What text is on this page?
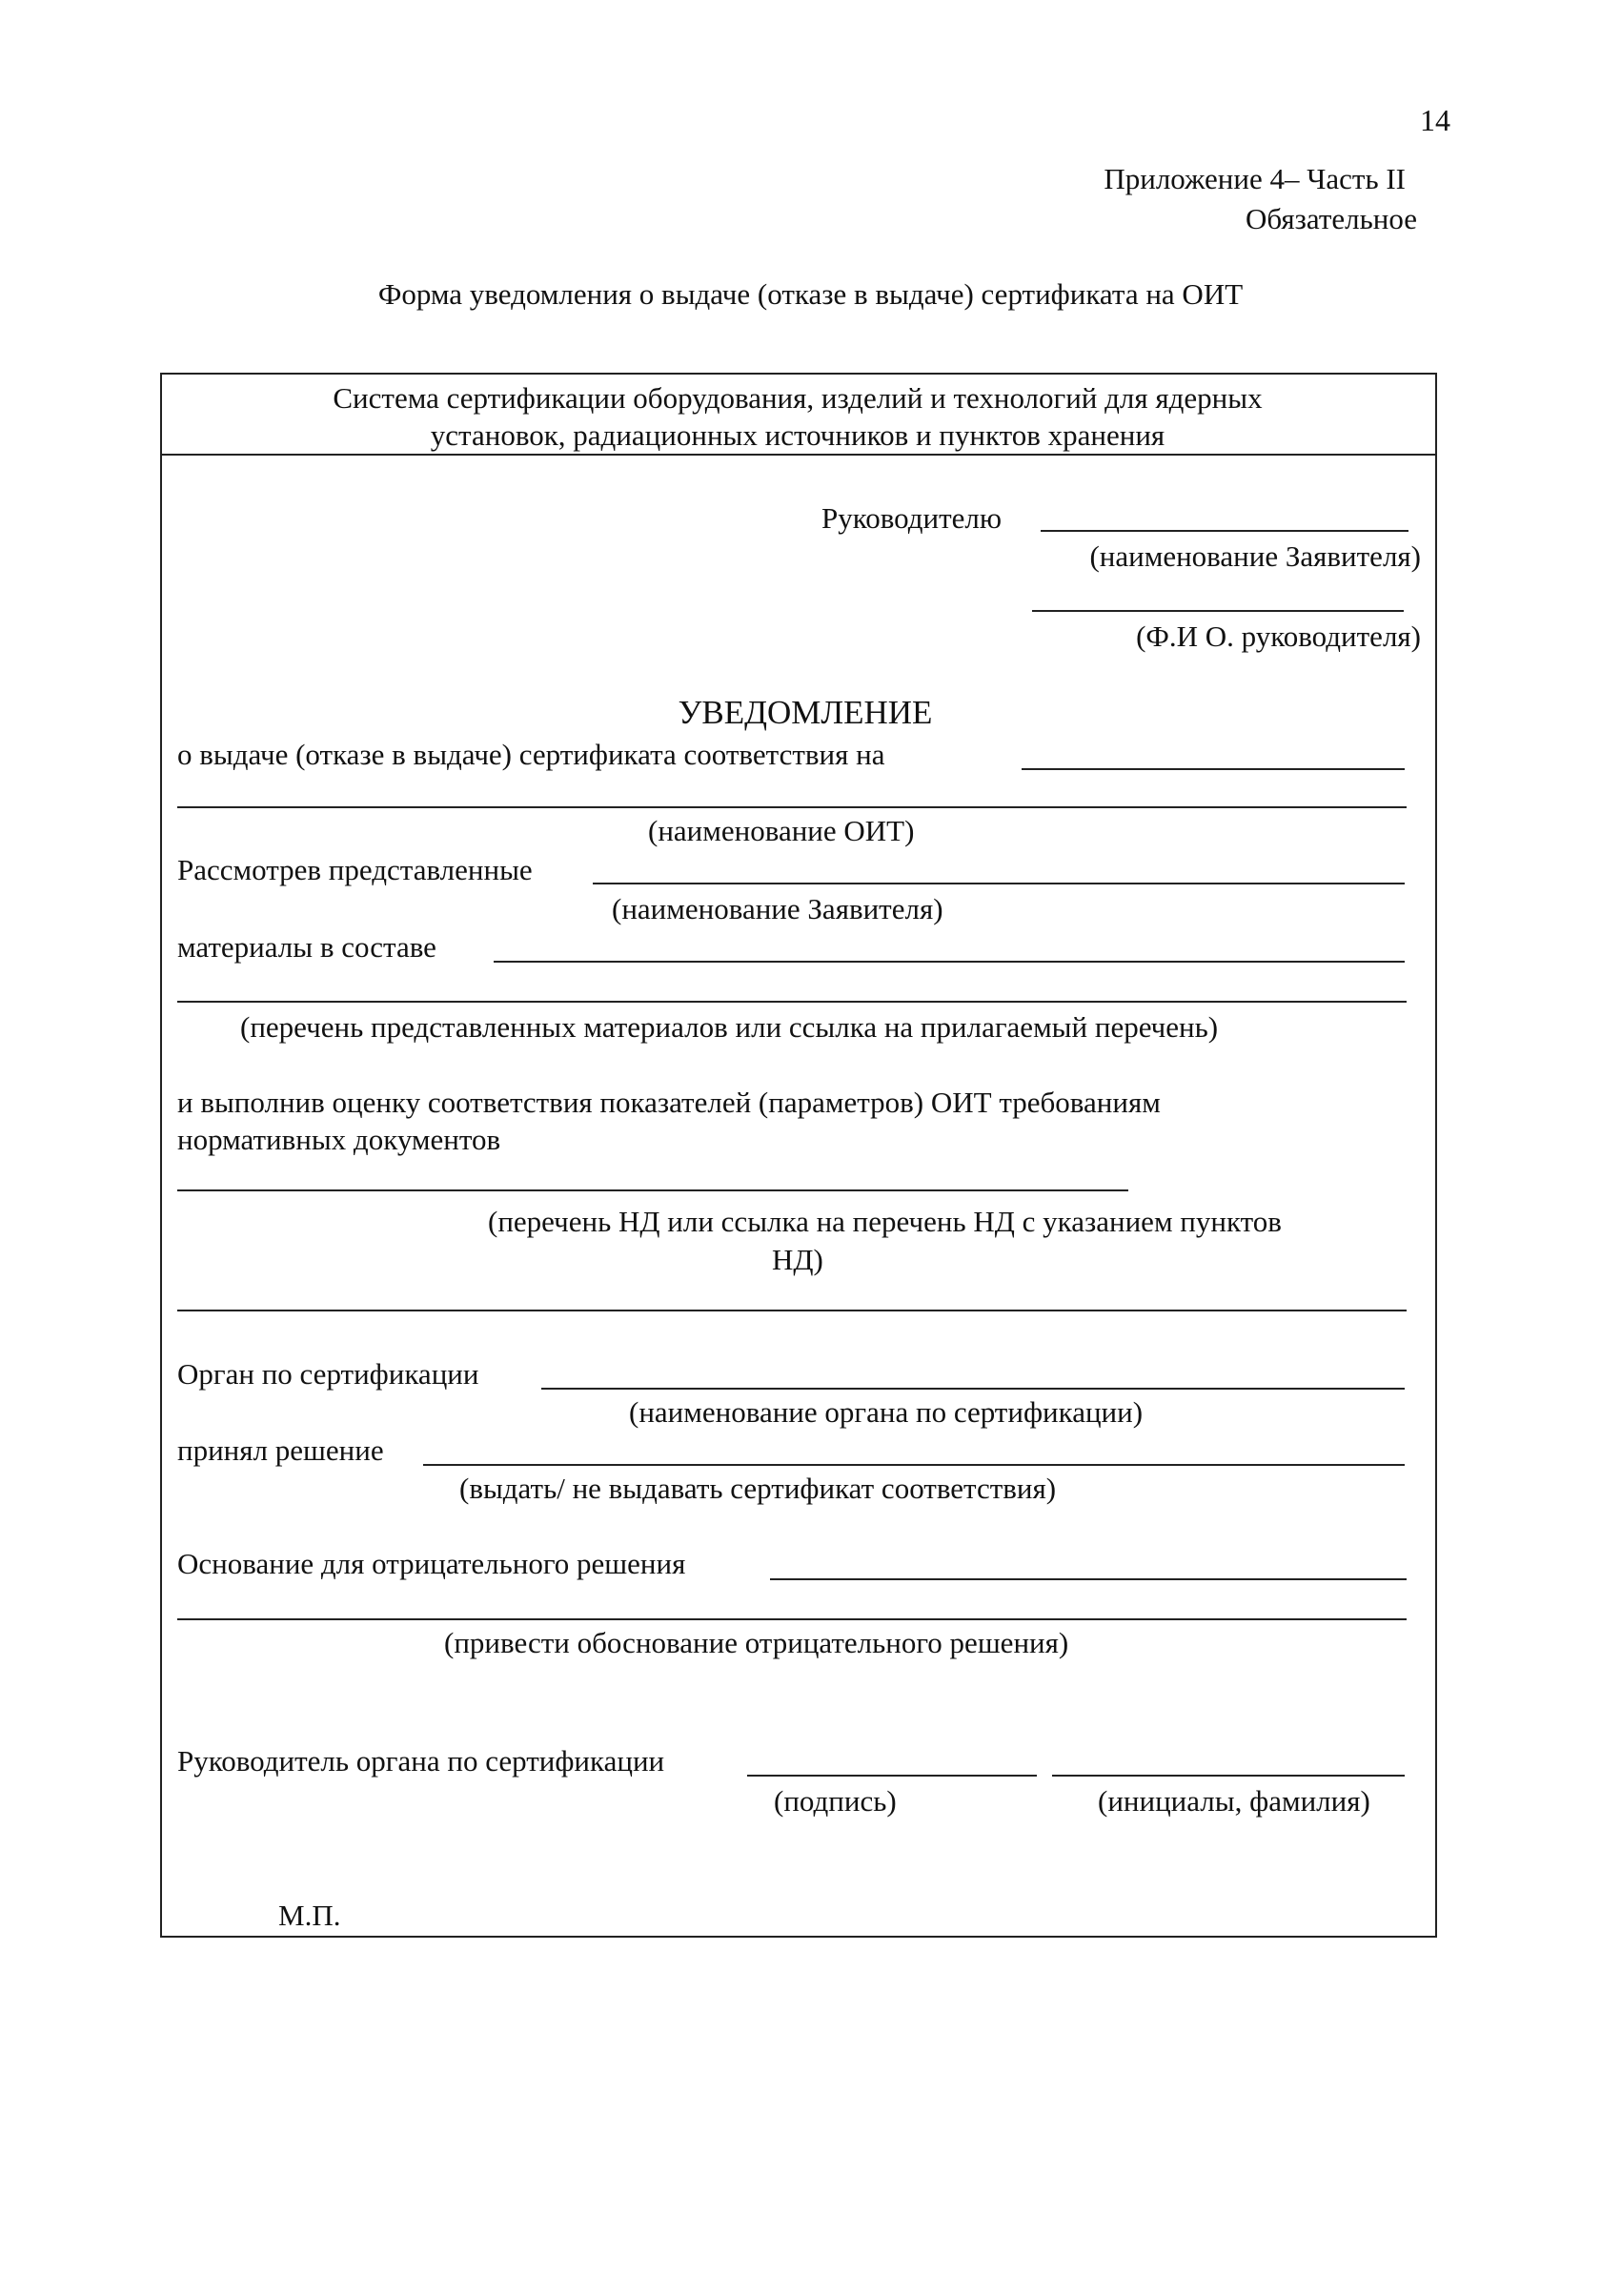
14
Приложение 4– Часть II
Обязательное
Форма уведомления о выдаче (отказе в выдаче) сертификата на ОИТ
Система сертификации оборудования, изделий и технологий для ядерных
установок, радиационных источников и пунктов хранения
Руководителю
(наименование Заявителя)
(Ф.И О. руководителя)
УВЕДОМЛЕНИЕ
о выдаче (отказе в выдаче) сертификата соответствия на
(наименование ОИТ)
Рассмотрев представленные
(наименование Заявителя)
материалы в составе
(перечень представленных материалов или ссылка на прилагаемый перечень)
и выполнив оценку соответствия показателей (параметров) ОИТ требованиям
нормативных документов
(перечень НД или ссылка на перечень НД с указанием пунктов
НД)
Орган по сертификации
(наименование органа по сертификации)
принял решение
(выдать/ не выдавать сертификат соответствия)
Основание для отрицательного решения
(привести обоснование отрицательного решения)
Руководитель органа по сертификации
(подпись)	(инициалы, фамилия)
М.П.
